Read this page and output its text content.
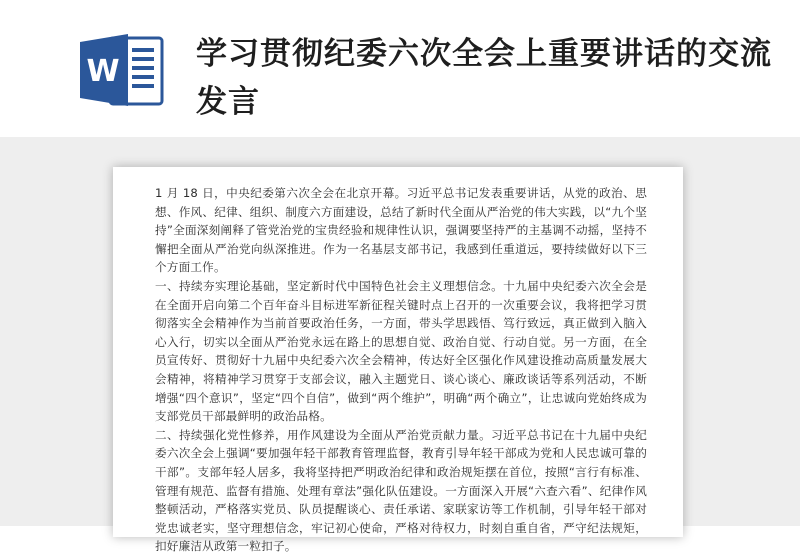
W 学习贯彻纪委六次全会上重要讲话的交流发言

1 月 18 日，中央纪委第六次全会在北京开幕。习近平总书记发表重要讲话，从党的政治、思想、作风、纪律、组织、制度六方面建设，总结了新时代全面从严治党的伟大实践，以“九个坚持”全面深刻阐释了管党治党的宝贵经验和规律性认识，强调要坚持严的主基调不动摇，坚持不懈把全面从严治党向纵深推进。作为一名基层支部书记，我感到任重道远，要持续做好以下三个方面工作。

一、持续夯实理论基础，坚定新时代中国特色社会主义理想信念。十九届中央纪委六次全会是在全面开启向第二个百年奋斗目标进军新征程关键时点上召开的一次重要会议，我将把学习贯彻落实全会精神作为当前首要政治任务，一方面，带头学思践悟、笃行致远，真正做到入脑入心入行，切实以全面从严治党永远在路上的思想自觉、政治自觉、行动自觉。另一方面，在全员宣传好、贯彻好十九届中央纪委六次全会精神，传达好全区强化作风建设推动高质量发展大会精神，将精神学习贯穿于支部会议，融入主题党日、谈心谈心、廉政谈话等系列活动，不断增强“四个意识”，坚定“四个自信”，做到“两个维护”，明确“两个确立”，让忠诚向党始终成为支部党员干部最鲜明的政治品格。

二、持续强化党性修养，用作风建设为全面从严治党贡献力量。习近平总书记在十九届中央纪委六次全会上强调“要加强年轻干部教育管理监督，教育引导年轻干部成为党和人民忠诚可靠的干部”。支部年轻人居多，我将坚持把严明政治纪律和政治规矩摆在首位，按照“言行有标准、管理有规范、监督有措施、处理有章法”强化队伍建设。一方面深入开展“六查六看”、纪律作风整顿活动，严格落实党员、队员提醒谈心、责任承诺、家联家访等工作机制，引导年轻干部对党忠诚老实，坚守理想信念，牢记初心使命，严格对待权力，时刻自重自省，严守纪法规矩，扣好廉洁从政第一粒扣子。
